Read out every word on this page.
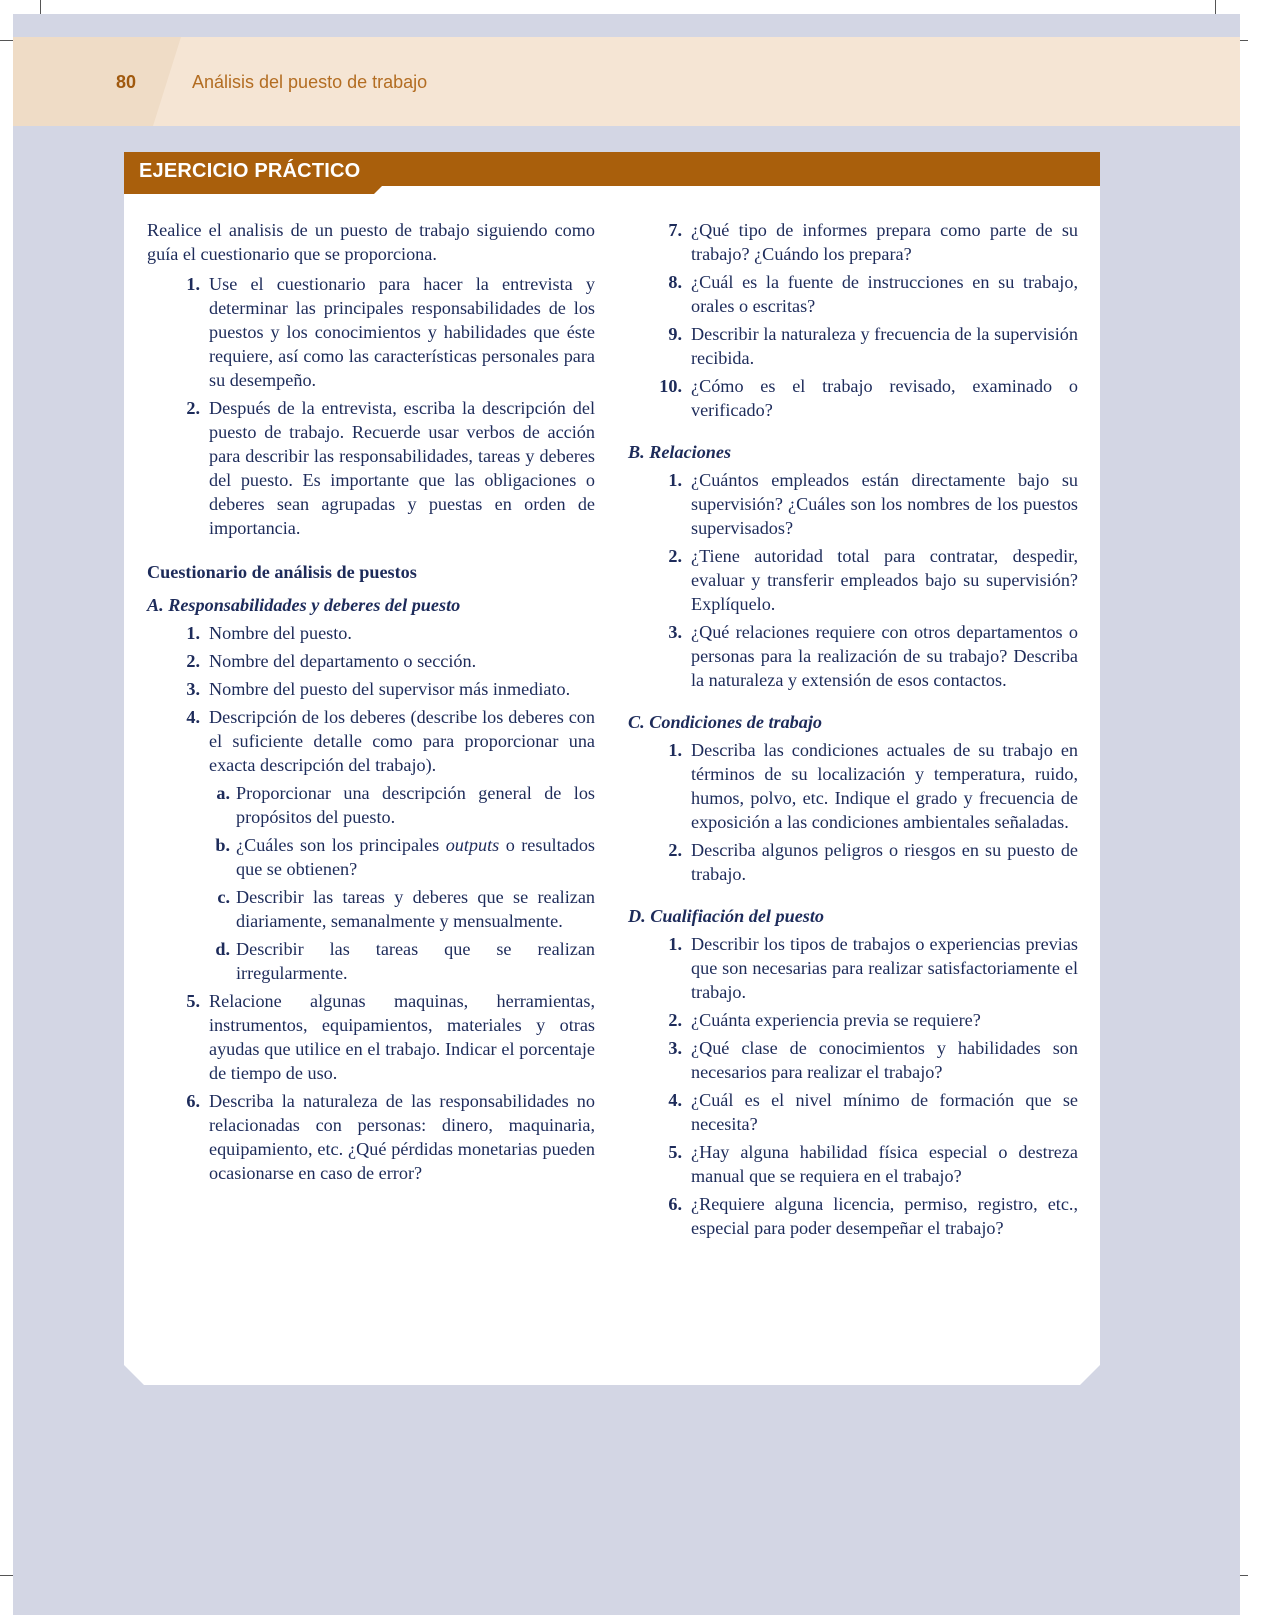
80	Análisis del puesto de trabajo
EJERCICIO PRÁCTICO

Realice el analisis de un puesto de trabajo siguiendo como guía el cuestionario que se proporciona.

1. Use el cuestionario para hacer la entrevista y determinar las principales responsabilidades de los puestos y los conocimientos y habilidades que éste requiere, así como las características personales para su desempeño.
2. Después de la entrevista, escriba la descripción del puesto de trabajo. Recuerde usar verbos de acción para describir las responsabilidades, tareas y deberes del puesto. Es importante que las obligaciones o deberes sean agrupadas y puestas en orden de importancia.
Cuestionario de análisis de puestos
A. Responsabilidades y deberes del puesto
1. Nombre del puesto.
2. Nombre del departamento o sección.
3. Nombre del puesto del supervisor más inmediato.
4. Descripción de los deberes (describe los deberes con el suficiente detalle como para proporcionar una exacta descripción del trabajo).
a. Proporcionar una descripción general de los propósitos del puesto.
b. ¿Cuáles son los principales outputs o resultados que se obtienen?
c. Describir las tareas y deberes que se realizan diariamente, semanalmente y mensualmente.
d. Describir las tareas que se realizan irregularmente.
5. Relacione algunas maquinas, herramientas, instrumentos, equipamientos, materiales y otras ayudas que utilice en el trabajo. Indicar el porcentaje de tiempo de uso.
6. Describa la naturaleza de las responsabilidades no relacionadas con personas: dinero, maquinaria, equipamiento, etc. ¿Qué pérdidas monetarias pueden ocasionarse en caso de error?
7. ¿Qué tipo de informes prepara como parte de su trabajo? ¿Cuándo los prepara?
8. ¿Cuál es la fuente de instrucciones en su trabajo, orales o escritas?
9. Describir la naturaleza y frecuencia de la supervisión recibida.
10. ¿Cómo es el trabajo revisado, examinado o verificado?
B. Relaciones
1. ¿Cuántos empleados están directamente bajo su supervisión? ¿Cuáles son los nombres de los puestos supervisados?
2. ¿Tiene autoridad total para contratar, despedir, evaluar y transferir empleados bajo su supervisión? Explíquelo.
3. ¿Qué relaciones requiere con otros departamentos o personas para la realización de su trabajo? Describa la naturaleza y extensión de esos contactos.
C. Condiciones de trabajo
1. Describa las condiciones actuales de su trabajo en términos de su localización y temperatura, ruido, humos, polvo, etc. Indique el grado y frecuencia de exposición a las condiciones ambientales señaladas.
2. Describa algunos peligros o riesgos en su puesto de trabajo.
D. Cualifiación del puesto
1. Describir los tipos de trabajos o experiencias previas que son necesarias para realizar satisfactoriamente el trabajo.
2. ¿Cuánta experiencia previa se requiere?
3. ¿Qué clase de conocimientos y habilidades son necesarios para realizar el trabajo?
4. ¿Cuál es el nivel mínimo de formación que se necesita?
5. ¿Hay alguna habilidad física especial o destreza manual que se requiera en el trabajo?
6. ¿Requiere alguna licencia, permiso, registro, etc., especial para poder desempeñar el trabajo?
